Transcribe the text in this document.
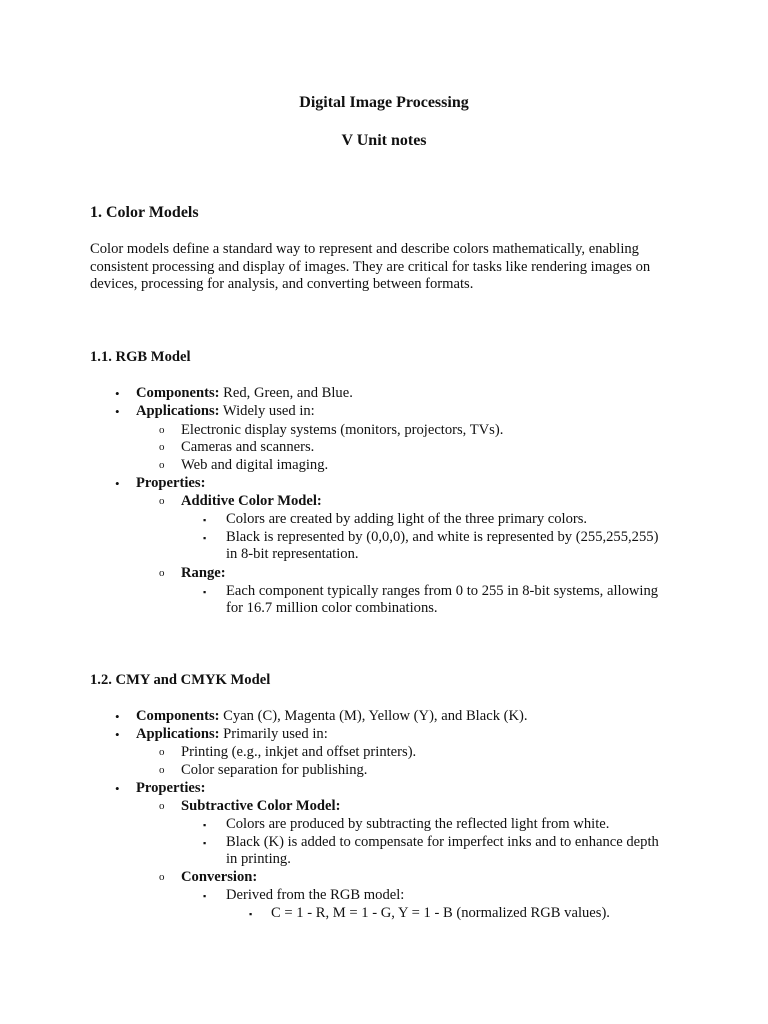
Digital Image Processing
V Unit notes
1. Color Models
Color models define a standard way to represent and describe colors mathematically, enabling
consistent processing and display of images. They are critical for tasks like rendering images on
devices, processing for analysis, and converting between formats.
1.1. RGB Model
• Components: Red, Green, and Blue.
• Applications: Widely used in:
o Electronic display systems (monitors, projectors, TVs).
o Cameras and scanners.
o Web and digital imaging.
• Properties:
o Additive Color Model:
▪ Colors are created by adding light of the three primary colors.
▪ Black is represented by (0,0,0), and white is represented by (255,255,255)
in 8-bit representation.
o Range:
▪ Each component typically ranges from 0 to 255 in 8-bit systems, allowing
for 16.7 million color combinations.
1.2. CMY and CMYK Model
• Components: Cyan (C), Magenta (M), Yellow (Y), and Black (K).
• Applications: Primarily used in:
o Printing (e.g., inkjet and offset printers).
o Color separation for publishing.
• Properties:
o Subtractive Color Model:
▪ Colors are produced by subtracting the reflected light from white.
▪ Black (K) is added to compensate for imperfect inks and to enhance depth
in printing.
o Conversion:
▪ Derived from the RGB model:
▪ C = 1 - R, M = 1 - G, Y = 1 - B (normalized RGB values).
